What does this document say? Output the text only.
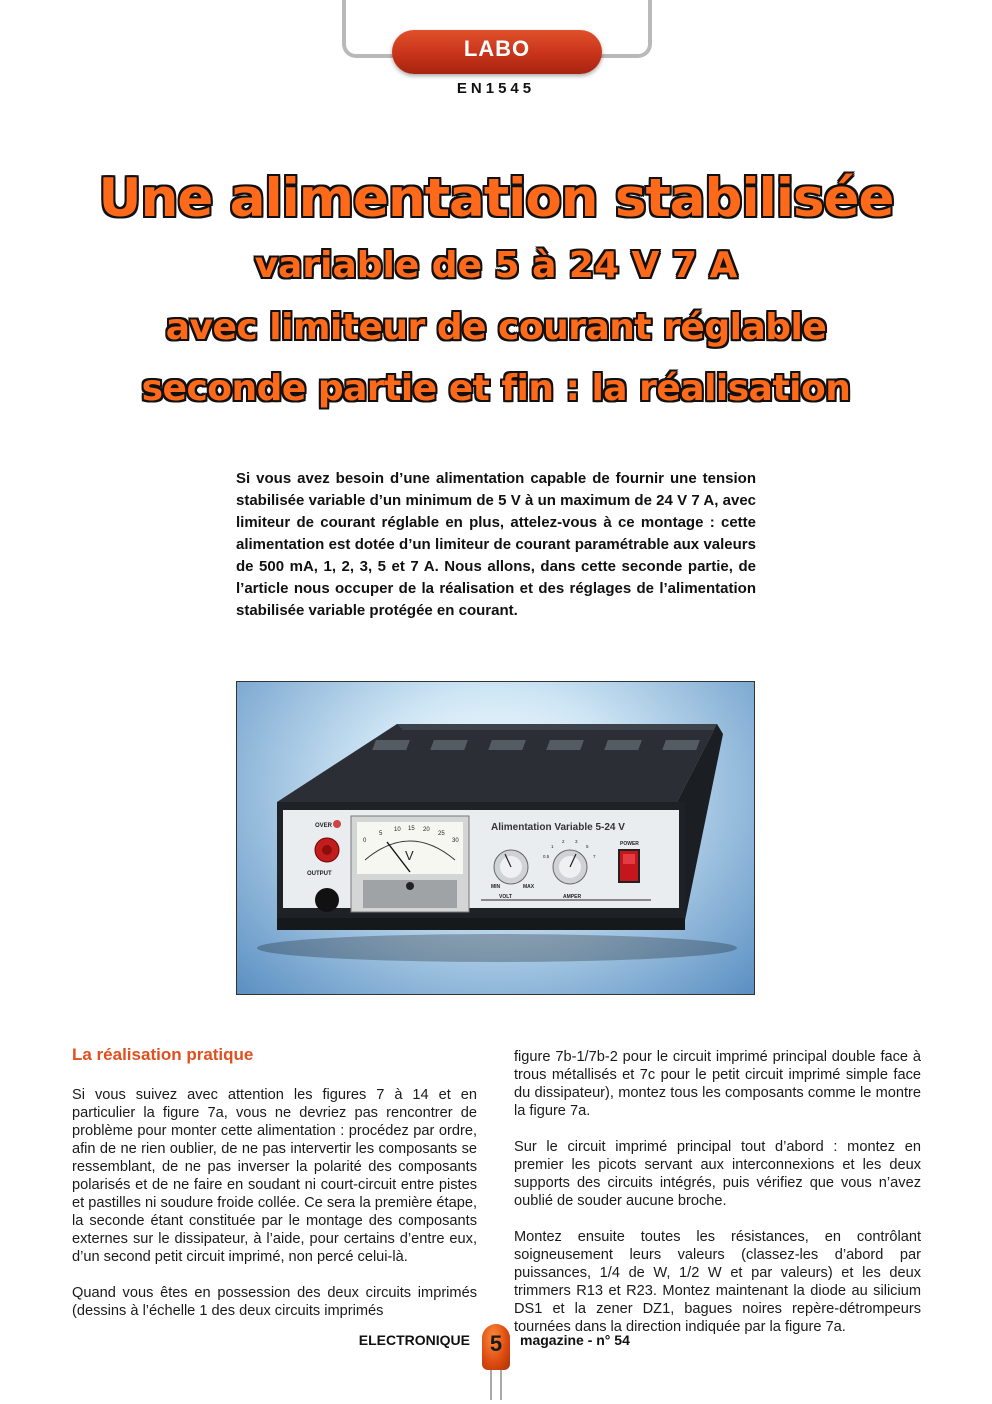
LABO
EN1545
Une alimentation stabilisée
variable de 5 à 24 V 7 A
avec limiteur de courant réglable
seconde partie et fin : la réalisation
Si vous avez besoin d’une alimentation capable de fournir une tension stabilisée variable d’un minimum de 5 V à un maximum de 24 V 7 A, avec limiteur de courant réglable en plus, attelez-vous à ce montage : cette alimentation est dotée d’un limiteur de courant paramétrable aux valeurs de 500 mA, 1, 2, 3, 5 et 7 A. Nous allons, dans cette seconde partie, de l’article nous occuper de la réalisation et des réglages de l’alimentation stabilisée variable protégée en courant.
OVER
OUTPUT
0
5
10 15 20
25
30
V
Alimentation Variable 5-24 V
MIN	MAX
0.5
1
2 3
5
7
VOLT	AMPER
POWER
La réalisation pratique

Si vous suivez avec attention les figures 7 à 14 et en particulier la figure 7a, vous ne devriez pas rencontrer de problème pour monter cette alimentation : procédez par ordre, afin de ne rien oublier, de ne pas intervertir les composants se ressemblant, de ne pas inverser la polarité des composants polarisés et de ne faire en soudant ni court-circuit entre pistes et pastilles ni soudure froide collée. Ce sera la première étape, la seconde étant constituée par le montage des composants externes sur le dissipateur, à l’aide, pour certains d’entre eux, d’un second petit circuit imprimé, non percé celui-là.

Quand vous êtes en possession des deux circuits imprimés (dessins à l’échelle 1 des deux circuits imprimés

figure 7b-1/7b-2 pour le circuit imprimé principal double face à trous métallisés et 7c pour le petit circuit imprimé simple face du dissipateur), montez tous les composants comme le montre la figure 7a.

Sur le circuit imprimé principal tout d’abord : montez en premier les picots servant aux interconnexions et les deux supports des circuits intégrés, puis vérifiez que vous n’avez oublié de souder aucune broche.

Montez ensuite toutes les résistances, en contrôlant soigneusement leurs valeurs (classez-les d’abord par puissances, 1/4 de W, 1/2 W et par valeurs) et les deux trimmers R13 et R23. Montez maintenant la diode au silicium DS1 et la zener DZ1, bagues noires repère-détrompeurs tournées dans la direction indiquée par la figure 7a.

ELECTRONIQUE 5	magazine - n° 54
